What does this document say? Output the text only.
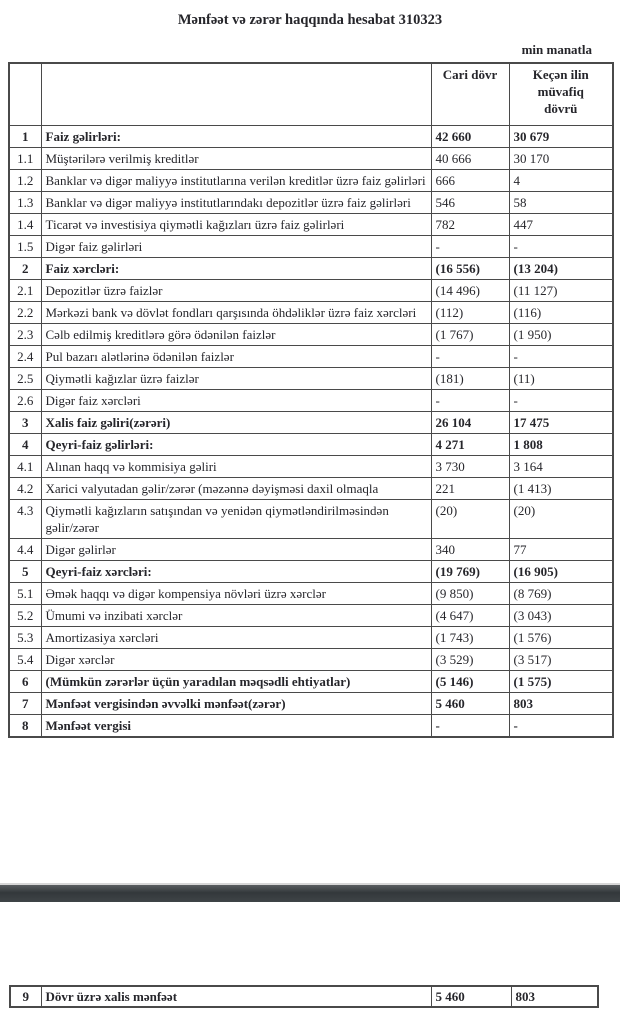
Mənfəət və zərər haqqında hesabat 310323
min manatla
		Cari dövr	Keçən ilin müvafiq dövrü

1	Faiz gəlirləri:	42 660	30 679
1.1	Müştərilərə verilmiş kreditlər	40 666	30 170
1.2	Banklar və digər maliyyə institutlarına verilən kreditlər üzrə faiz gəlirləri	666	4
1.3	Banklar və digər maliyyə institutlarındakı depozitlər üzrə faiz gəlirləri	546	58
1.4	Ticarət və investisiya qiymətli kağızları üzrə faiz gəlirləri	782	447
1.5	Digər faiz gəlirləri	-	-
2	Faiz xərcləri:	(16 556)	(13 204)
2.1	Depozitlər üzrə faizlər	(14 496)	(11 127)
2.2	Mərkəzi bank və dövlət fondları qarşısında öhdəliklər üzrə faiz xərcləri	(112)	(116)
2.3	Cəlb edilmiş kreditlərə görə ödənilən faizlər	(1 767)	(1 950)
2.4	Pul bazarı alətlərinə ödənilən faizlər	-	-
2.5	Qiymətli kağızlar üzrə faizlər	(181)	(11)
2.6	Digər faiz xərcləri	-	-
3	Xalis faiz gəliri(zərəri)	26 104	17 475
4	Qeyri-faiz gəlirləri:	4 271	1 808
4.1	Alınan haqq və kommisiya gəliri	3 730	3 164
4.2	Xarici valyutadan gəlir/zərər (məzənnə dəyişməsi daxil olmaqla	221	(1 413)
4.3	Qiymətli kağızların satışından və yenidən qiymətləndirilməsindən gəlir/zərər	(20)	(20)
4.4	Digər gəlirlər	340	77
5	Qeyri-faiz xərcləri:	(19 769)	(16 905)
5.1	Əmək haqqı və digər kompensiya növləri üzrə xərclər	(9 850)	(8 769)
5.2	Ümumi və inzibati xərclər	(4 647)	(3 043)
5.3	Amortizasiya xərcləri	(1 743)	(1 576)
5.4	Digər xərclər	(3 529)	(3 517)
6	(Mümkün zərərlər üçün yaradılan məqsədli ehtiyatlar)	(5 146)	(1 575)
7	Mənfəət vergisindən əvvəlki mənfəət(zərər)	5 460	803
8	Mənfəət vergisi	-	-
9	Dövr üzrə xalis mənfəət	5 460	803
